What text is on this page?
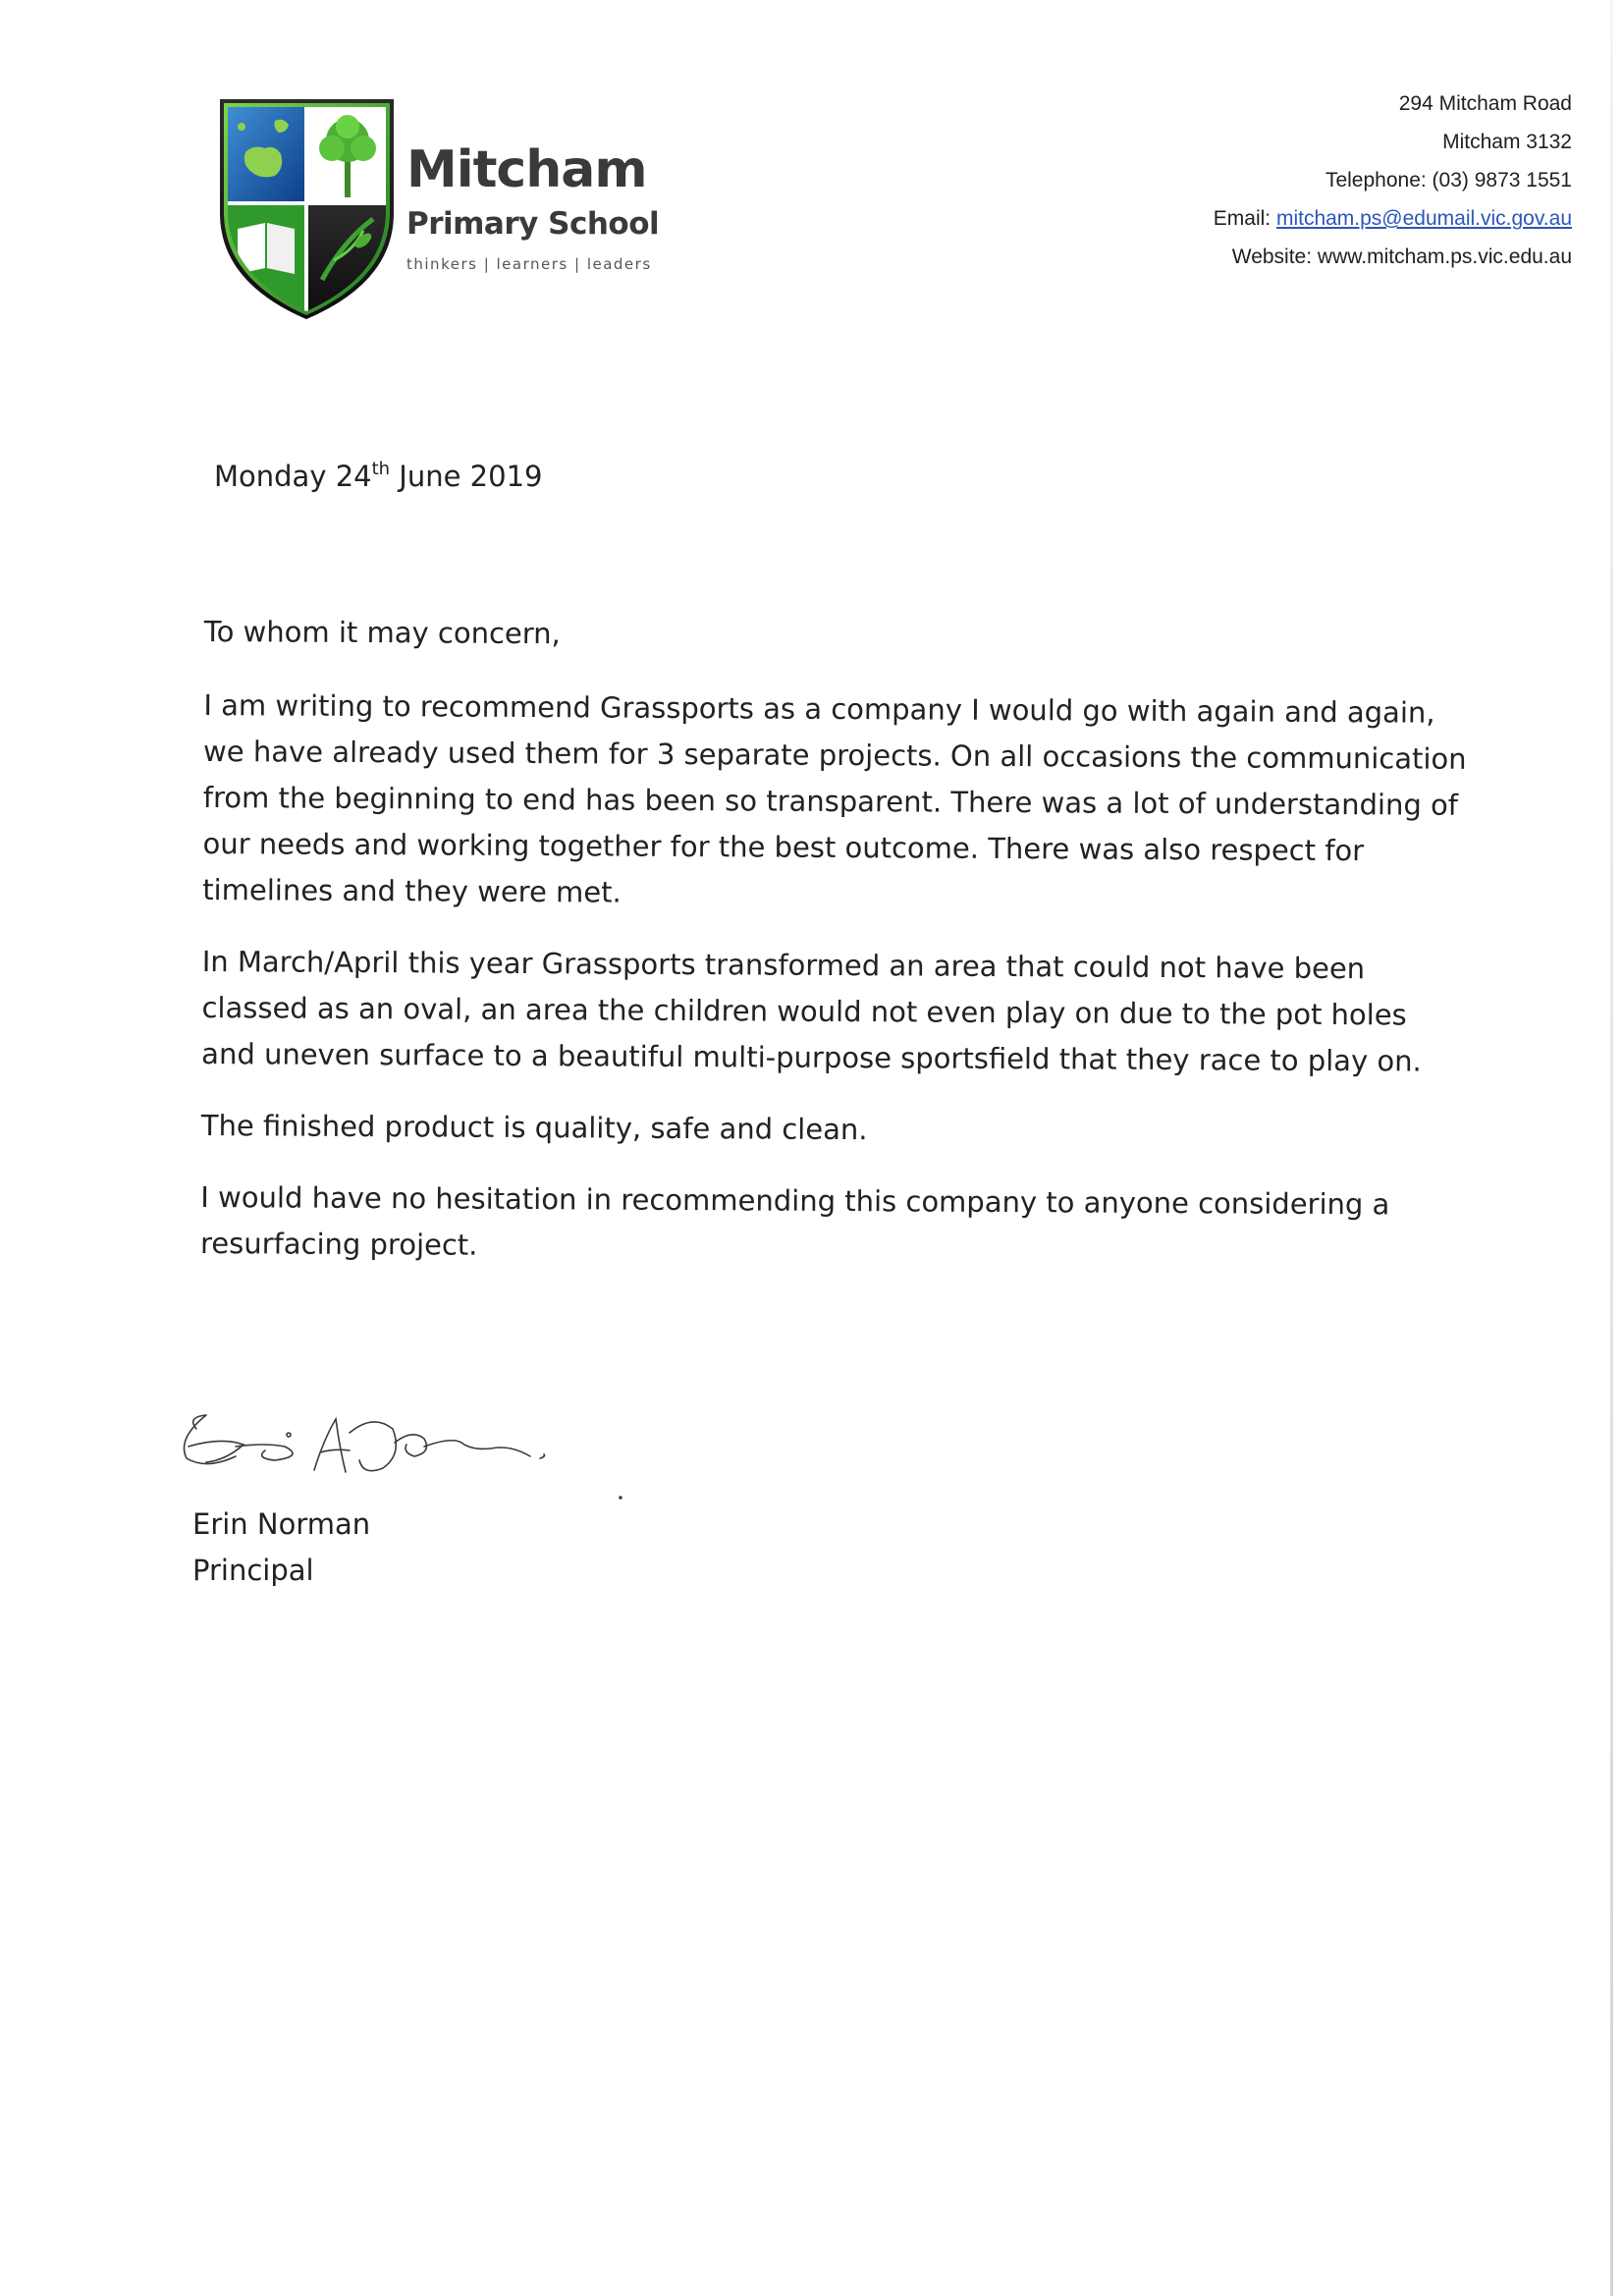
Mitcham
Primary School
thinkers | learners | leaders
294 Mitcham Road
Mitcham 3132
Telephone: (03) 9873 1551
Email: mitcham.ps@edumail.vic.gov.au
Website: www.mitcham.ps.vic.edu.au
Monday 24th June 2019

To whom it may concern,

I am writing to recommend Grassports as a company I would go with again and again, we have already used them for 3 separate projects. On all occasions the communication from the beginning to end has been so transparent. There was a lot of understanding of our needs and working together for the best outcome. There was also respect for timelines and they were met.

In March/April this year Grassports transformed an area that could not have been classed as an oval, an area the children would not even play on due to the pot holes and uneven surface to a beautiful multi-purpose sportsfield that they race to play on.

The finished product is quality, safe and clean.

I would have no hesitation in recommending this company to anyone considering a resurfacing project.

Erin Norman
Principal
